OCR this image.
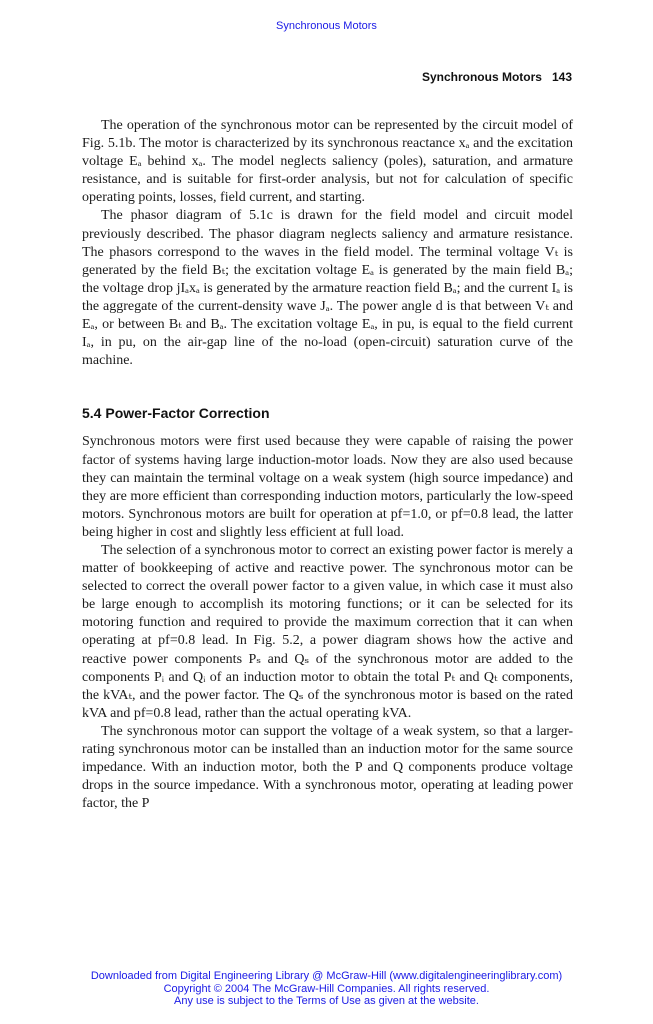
Synchronous Motors
Synchronous Motors 143

The operation of the synchronous motor can be represented by the circuit model of Fig. 5.1b. The motor is characterized by its synchronous reactance xₐ and the excitation voltage Eₐ behind xₐ. The model neglects saliency (poles), saturation, and armature resistance, and is suitable for first-order analysis, but not for calculation of specific operating points, losses, field current, and starting.

The phasor diagram of 5.1c is drawn for the field model and circuit model previously described. The phasor diagram neglects saliency and armature resistance. The phasors correspond to the waves in the field model. The terminal voltage Vₜ is generated by the field Bₜ; the excitation voltage Eₐ is generated by the main field Bₐ; the voltage drop jIₐxₐ is generated by the armature reaction field Bₐ; and the current Iₐ is the aggregate of the current-density wave Jₐ. The power angle d is that between Vₜ and Eₐ, or between Bₜ and Bₐ. The excitation voltage Eₐ, in pu, is equal to the field current Iₐ, in pu, on the air-gap line of the no-load (open-circuit) saturation curve of the machine.

5.4 Power-Factor Correction

Synchronous motors were first used because they were capable of raising the power factor of systems having large induction-motor loads. Now they are also used because they can maintain the terminal voltage on a weak system (high source impedance) and they are more efficient than corresponding induction motors, particularly the low-speed motors. Synchronous motors are built for operation at pf=1.0, or pf=0.8 lead, the latter being higher in cost and slightly less efficient at full load.

The selection of a synchronous motor to correct an existing power factor is merely a matter of bookkeeping of active and reactive power. The synchronous motor can be selected to correct the overall power factor to a given value, in which case it must also be large enough to accomplish its motoring functions; or it can be selected for its motoring function and required to provide the maximum correction that it can when operating at pf=0.8 lead. In Fig. 5.2, a power diagram shows how the active and reactive power components Pₛ and Qₛ of the synchronous motor are added to the components Pᵢ and Qᵢ of an induction motor to obtain the total Pₜ and Qₜ components, the kVAₜ, and the power factor. The Qₛ of the synchronous motor is based on the rated kVA and pf=0.8 lead, rather than the actual operating kVA.

The synchronous motor can support the voltage of a weak system, so that a larger-rating synchronous motor can be installed than an induction motor for the same source impedance. With an induction motor, both the P and Q components produce voltage drops in the source impedance. With a synchronous motor, operating at leading power factor, the P

Downloaded from Digital Engineering Library @ McGraw-Hill (www.digitalengineeringlibrary.com)
Copyright © 2004 The McGraw-Hill Companies. All rights reserved.
Any use is subject to the Terms of Use as given at the website.
